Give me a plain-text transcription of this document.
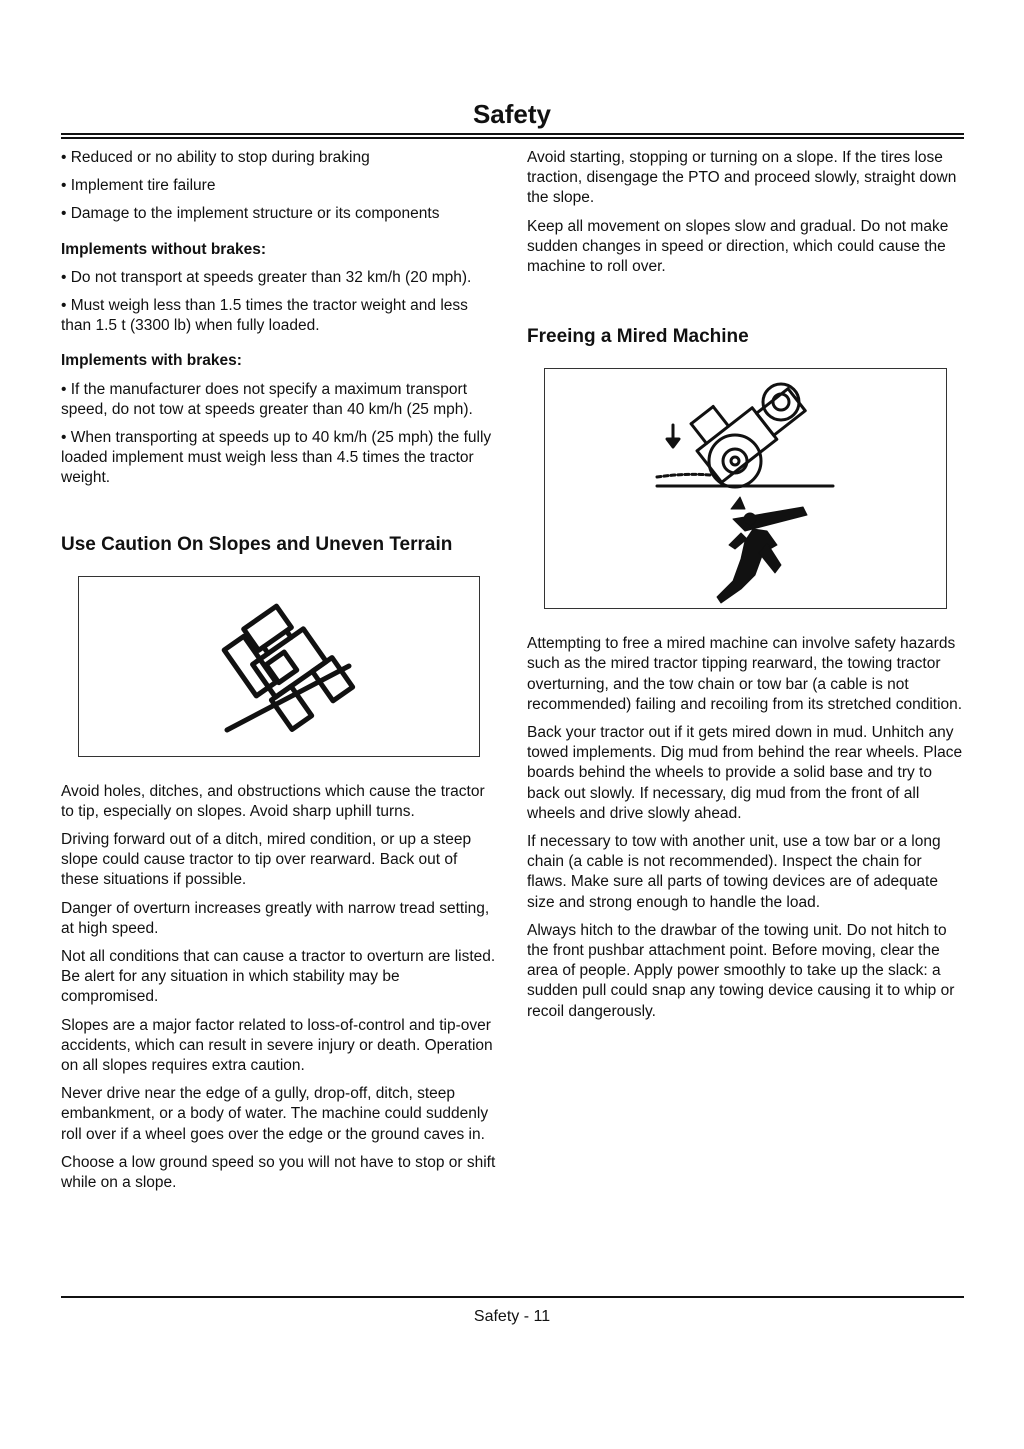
Safety

• Reduced or no ability to stop during braking

• Implement tire failure

• Damage to the implement structure or its components

Implements without brakes:

• Do not transport at speeds greater than 32 km/h (20 mph).

• Must weigh less than 1.5 times the tractor weight and less than 1.5 t (3300 lb) when fully loaded.

Implements with brakes:

• If the manufacturer does not specify a maximum transport speed, do not tow at speeds greater than 40 km/h (25 mph).

• When transporting at speeds up to 40 km/h (25 mph) the fully loaded implement must weigh less than 4.5 times the tractor weight.

Use Caution On Slopes and Uneven Terrain

Avoid holes, ditches, and obstructions which cause the tractor to tip, especially on slopes. Avoid sharp uphill turns.

Driving forward out of a ditch, mired condition, or up a steep slope could cause tractor to tip over rearward. Back out of these situations if possible.

Danger of overturn increases greatly with narrow tread setting, at high speed.

Not all conditions that can cause a tractor to overturn are listed. Be alert for any situation in which stability may be compromised.

Slopes are a major factor related to loss-of-control and tip-over accidents, which can result in severe injury or death. Operation on all slopes requires extra caution.

Never drive near the edge of a gully, drop-off, ditch, steep embankment, or a body of water. The machine could suddenly roll over if a wheel goes over the edge or the ground caves in.

Choose a low ground speed so you will not have to stop or shift while on a slope.

Avoid starting, stopping or turning on a slope. If the tires lose traction, disengage the PTO and proceed slowly, straight down the slope.

Keep all movement on slopes slow and gradual. Do not make sudden changes in speed or direction, which could cause the machine to roll over.

Freeing a Mired Machine

Attempting to free a mired machine can involve safety hazards such as the mired tractor tipping rearward, the towing tractor overturning, and the tow chain or tow bar (a cable is not recommended) failing and recoiling from its stretched condition.

Back your tractor out if it gets mired down in mud. Unhitch any towed implements. Dig mud from behind the rear wheels. Place boards behind the wheels to provide a solid base and try to back out slowly. If necessary, dig mud from the front of all wheels and drive slowly ahead.

If necessary to tow with another unit, use a tow bar or a long chain (a cable is not recommended). Inspect the chain for flaws. Make sure all parts of towing devices are of adequate size and strong enough to handle the load.

Always hitch to the drawbar of the towing unit. Do not hitch to the front pushbar attachment point. Before moving, clear the area of people. Apply power smoothly to take up the slack: a sudden pull could snap any towing device causing it to whip or recoil dangerously.

Safety - 11
